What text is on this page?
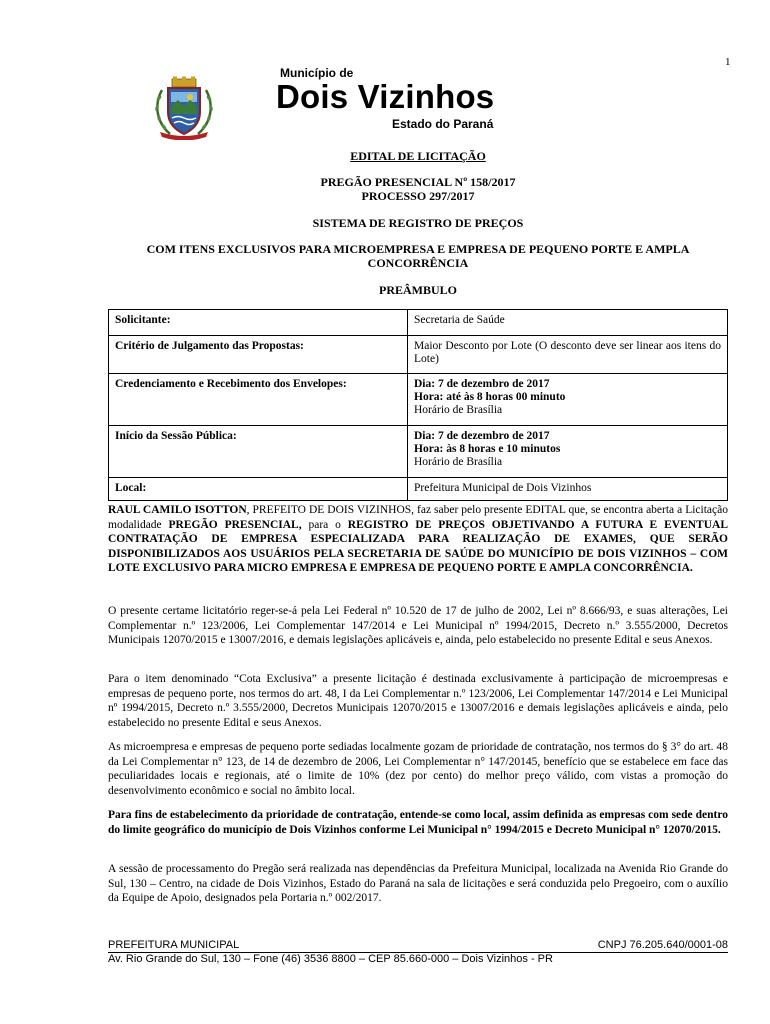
1
Município de
Dois Vizinhos
Estado do Paraná
EDITAL DE LICITAÇÃO
PREGÃO PRESENCIAL Nº 158/2017
PROCESSO 297/2017
SISTEMA DE REGISTRO DE PREÇOS
COM ITENS EXCLUSIVOS PARA MICROEMPRESA E EMPRESA DE PEQUENO PORTE E AMPLA
CONCORRÊNCIA
PREÂMBULO
Solicitante:	Secretaria de Saúde
Critério de Julgamento das Propostas:	Maior Desconto por Lote (O desconto deve ser linear aos itens do Lote)
Credenciamento e Recebimento dos Envelopes:	Dia: 7 de dezembro de 2017
Hora: até às 8 horas 00 minuto
Horário de Brasília

Início da Sessão Pública:	Dia: 7 de dezembro de 2017
Hora: às 8 horas e 10 minutos
Horário de Brasília

Local:	Prefeitura Municipal de Dois Vizinhos
RAUL CAMILO ISOTTON, PREFEITO DE DOIS VIZINHOS, faz saber pelo presente EDITAL que, se encontra aberta a Licitação modalidade PREGÃO PRESENCIAL, para o REGISTRO DE PREÇOS OBJETIVANDO A FUTURA E EVENTUAL CONTRATAÇÃO DE EMPRESA ESPECIALIZADA PARA REALIZAÇÃO DE EXAMES, QUE SERÃO DISPONIBILIZADOS AOS USUÁRIOS PELA SECRETARIA DE SAÚDE DO MUNICÍPIO DE DOIS VIZINHOS – COM LOTE EXCLUSIVO PARA MICRO EMPRESA E EMPRESA DE PEQUENO PORTE E AMPLA CONCORRÊNCIA.
O presente certame licitatório reger-se-á pela Lei Federal nº 10.520 de 17 de julho de 2002, Lei nº 8.666/93, e suas alterações, Lei Complementar n.º 123/2006, Lei Complementar 147/2014 e Lei Municipal nº 1994/2015, Decreto n.º 3.555/2000, Decretos Municipais 12070/2015 e 13007/2016, e demais legislações aplicáveis e, ainda, pelo estabelecido no presente Edital e seus Anexos.
Para o item denominado “Cota Exclusiva” a presente licitação é destinada exclusivamente à participação de microempresas e empresas de pequeno porte, nos termos do art. 48, I da Lei Complementar n.º 123/2006, Lei Complementar 147/2014 e Lei Municipal nº 1994/2015, Decreto n.º 3.555/2000, Decretos Municipais 12070/2015 e 13007/2016 e demais legislações aplicáveis e ainda, pelo estabelecido no presente Edital e seus Anexos.
As microempresa e empresas de pequeno porte sediadas localmente gozam de prioridade de contratação, nos termos do § 3° do art. 48 da Lei Complementar n° 123, de 14 de dezembro de 2006, Lei Complementar n° 147/20145, benefício que se estabelece em face das peculiaridades locais e regionais, até o limite de 10% (dez por cento) do melhor preço válido, com vistas a promoção do desenvolvimento econômico e social no âmbito local.
Para fins de estabelecimento da prioridade de contratação, entende-se como local, assim definida as empresas com sede dentro do limite geográfico do município de Dois Vizinhos conforme Lei Municipal n° 1994/2015 e Decreto Municipal n° 12070/2015.
A sessão de processamento do Pregão será realizada nas dependências da Prefeitura Municipal, localizada na Avenida Rio Grande do Sul, 130 – Centro, na cidade de Dois Vizinhos, Estado do Paraná na sala de licitações e será conduzida pelo Pregoeiro, com o auxílio da Equipe de Apoio, designados pela Portaria n.º 002/2017.
PREFEITURA MUNICIPAL	CNPJ 76.205.640/0001-08
Av. Rio Grande do Sul, 130 – Fone (46) 3536 8800 – CEP 85.660-000 – Dois Vizinhos - PR
